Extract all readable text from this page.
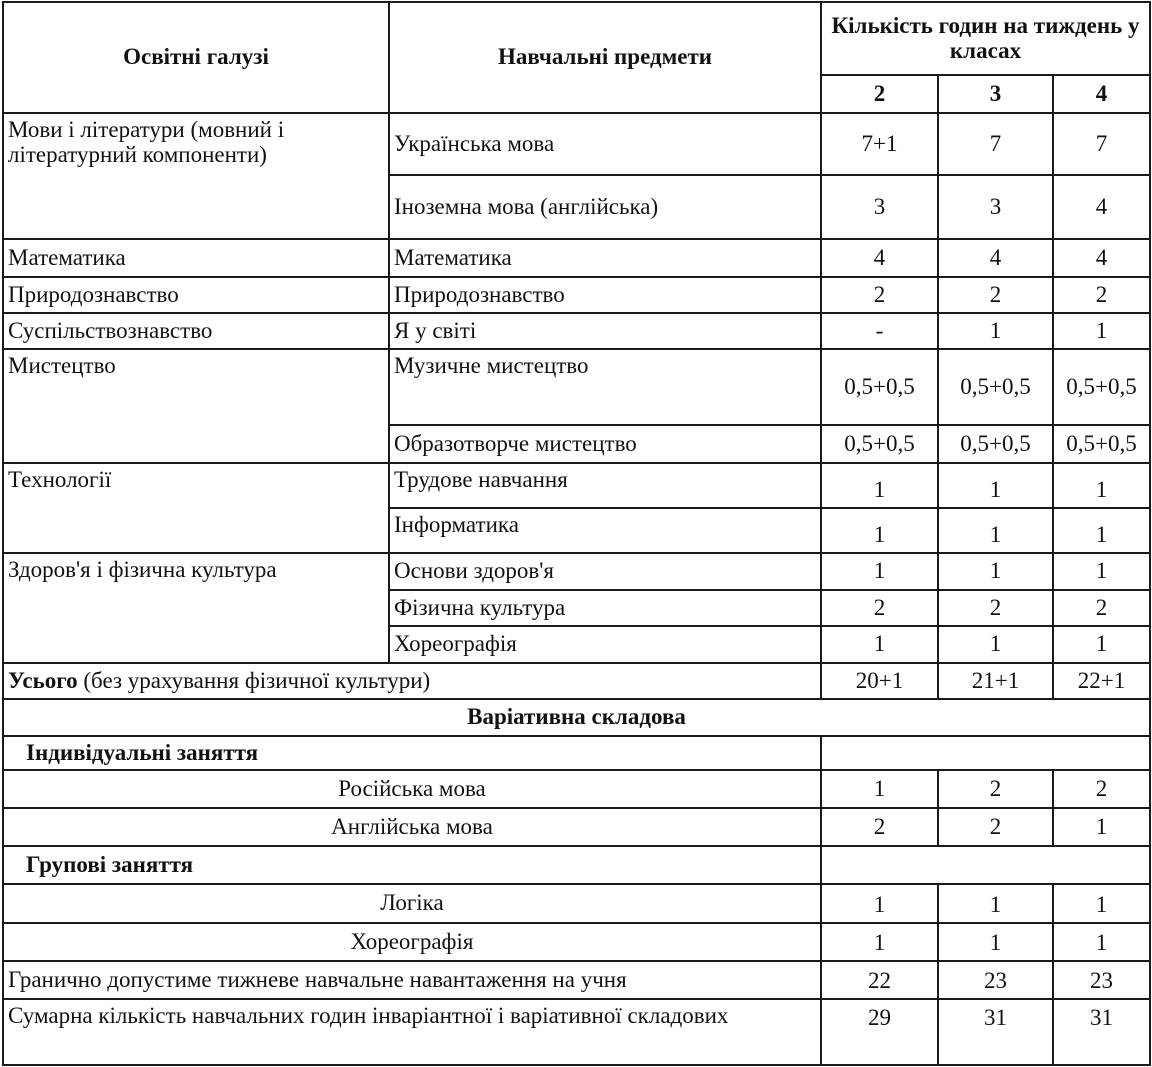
Освітні галузі	Навчальні предмети	Кількість годин на тиждень у класах		
		2	3	4
Мови і літератури (мовний і літературний компоненти)	Українська мова	7+1	7	7
	Іноземна мова (англійська)	3	3	4
Математика	Математика	4	4	4
Природознавство	Природознавство	2	2	2
Суспільствознавство	Я у світі	-	1	1
Мистецтво	Музичне мистецтво	0,5+0,5	0,5+0,5	0,5+0,5
	Образотворче мистецтво	0,5+0,5	0,5+0,5	0,5+0,5
Технології	Трудове навчання	1	1	1
	Інформатика	1	1	1
Здоров'я і фізична культура	Основи здоров'я	1	1	1
	Фізична культура	2	2	2
	Хореографія	1	1	1
Усього (без урахування фізичної культури)		20+1	21+1	22+1
Варіативна складова				
Індивідуальні заняття				
Російська мова		1	2	2
Англійська мова		2	2	1
Групові заняття				
Логіка		1	1	1
Хореографія		1	1	1
Гранично допустиме тижневе навчальне навантаження на учня		22	23	23
Сумарна кількість навчальних годин інваріантної і варіативної складових		29	31	31
